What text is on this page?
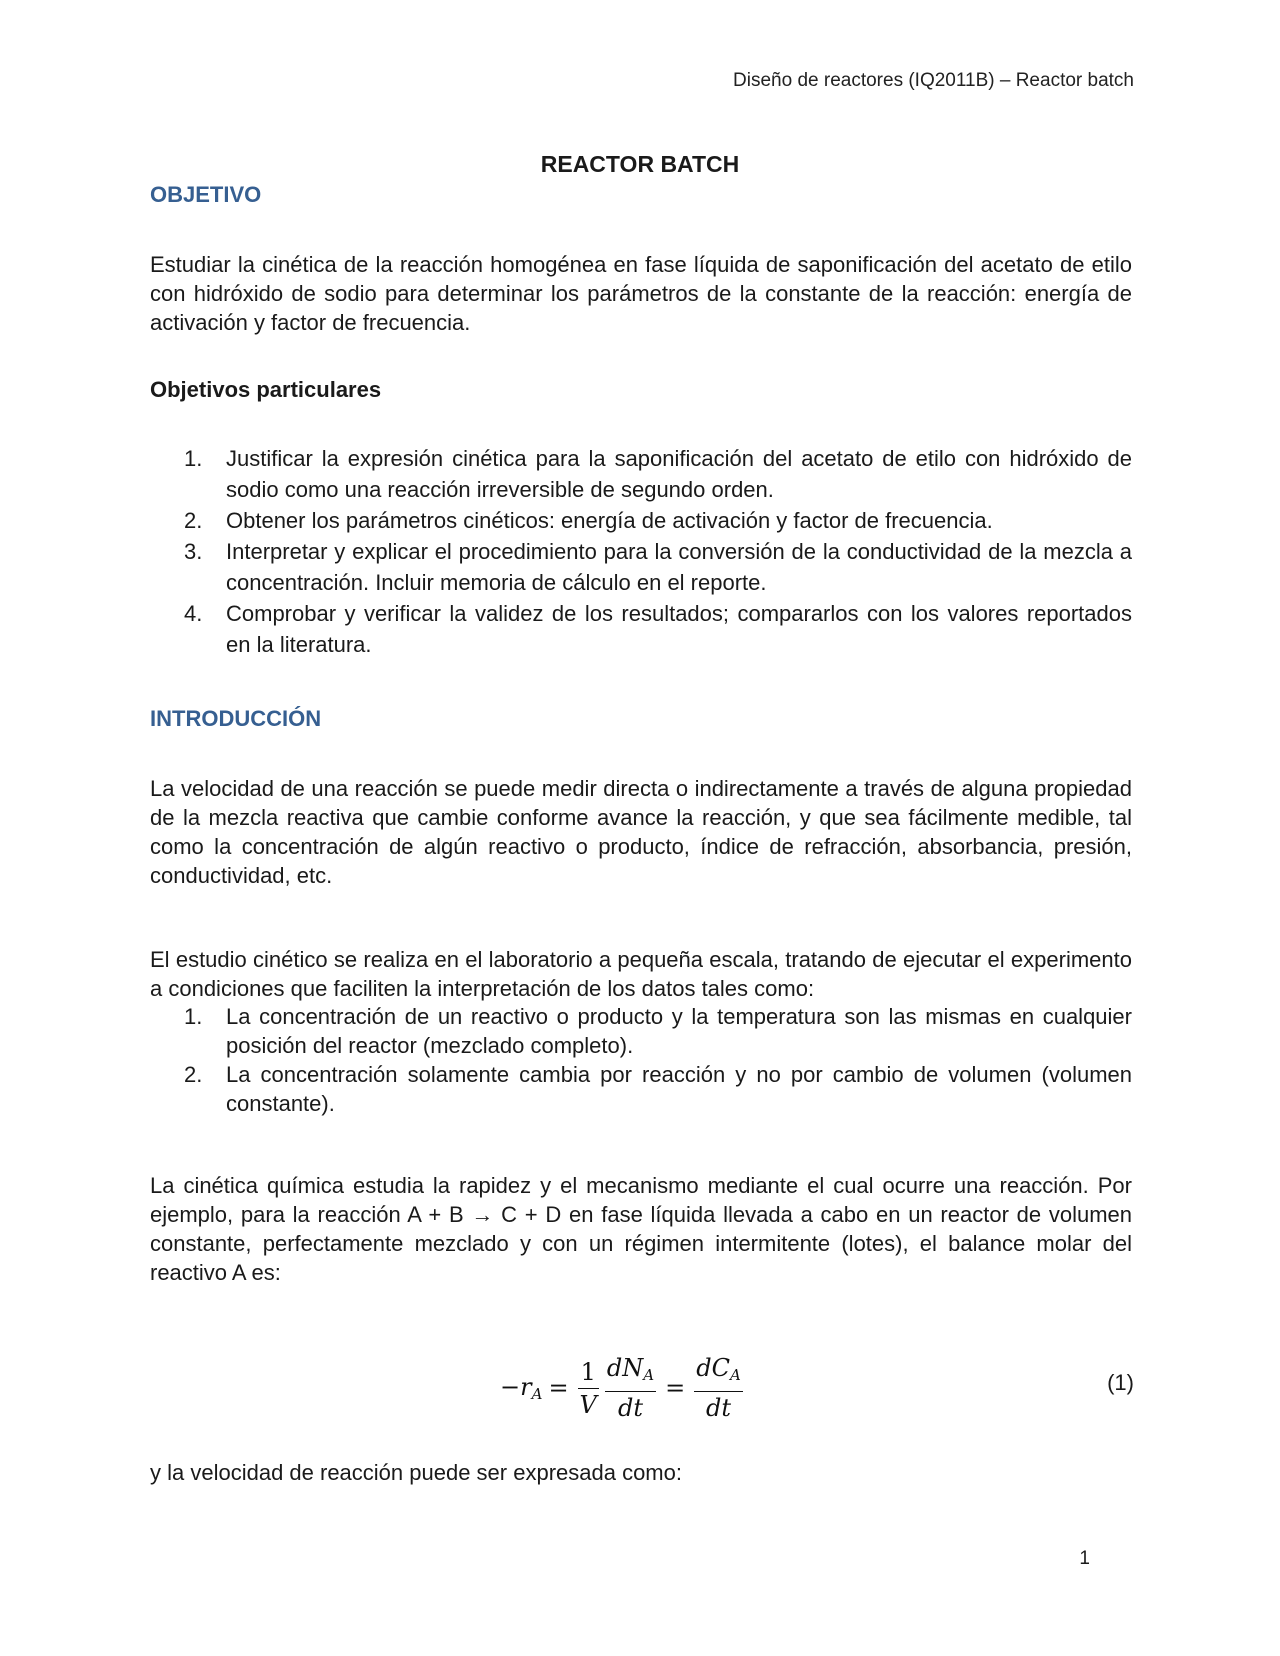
Diseño de reactores (IQ2011B) – Reactor batch
REACTOR BATCH
OBJETIVO
Estudiar la cinética de la reacción homogénea en fase líquida de saponificación del acetato de etilo con hidróxido de sodio para determinar los parámetros de la constante de la reacción: energía de activación y factor de frecuencia.
Objetivos particulares
1. Justificar la expresión cinética para la saponificación del acetato de etilo con hidróxido de sodio como una reacción irreversible de segundo orden.
2. Obtener los parámetros cinéticos: energía de activación y factor de frecuencia.
3. Interpretar y explicar el procedimiento para la conversión de la conductividad de la mezcla a concentración. Incluir memoria de cálculo en el reporte.
4. Comprobar y verificar la validez de los resultados; compararlos con los valores reportados en la literatura.
INTRODUCCIÓN
La velocidad de una reacción se puede medir directa o indirectamente a través de alguna propiedad de la mezcla reactiva que cambie conforme avance la reacción, y que sea fácilmente medible, tal como la concentración de algún reactivo o producto, índice de refracción, absorbancia, presión, conductividad, etc.
El estudio cinético se realiza en el laboratorio a pequeña escala, tratando de ejecutar el experimento a condiciones que faciliten la interpretación de los datos tales como:
1. La concentración de un reactivo o producto y la temperatura son las mismas en cualquier posición del reactor (mezclado completo).
2. La concentración solamente cambia por reacción y no por cambio de volumen (volumen constante).
La cinética química estudia la rapidez y el mecanismo mediante el cual ocurre una reacción. Por ejemplo, para la reacción A + B → C + D en fase líquida llevada a cabo en un reactor de volumen constante, perfectamente mezclado y con un régimen intermitente (lotes), el balance molar del reactivo A es:
$-r_A = \frac{1}{V} \frac{dN_A}{dt} = \frac{dC_A}{dt}$	(1)
y la velocidad de reacción puede ser expresada como:
1
